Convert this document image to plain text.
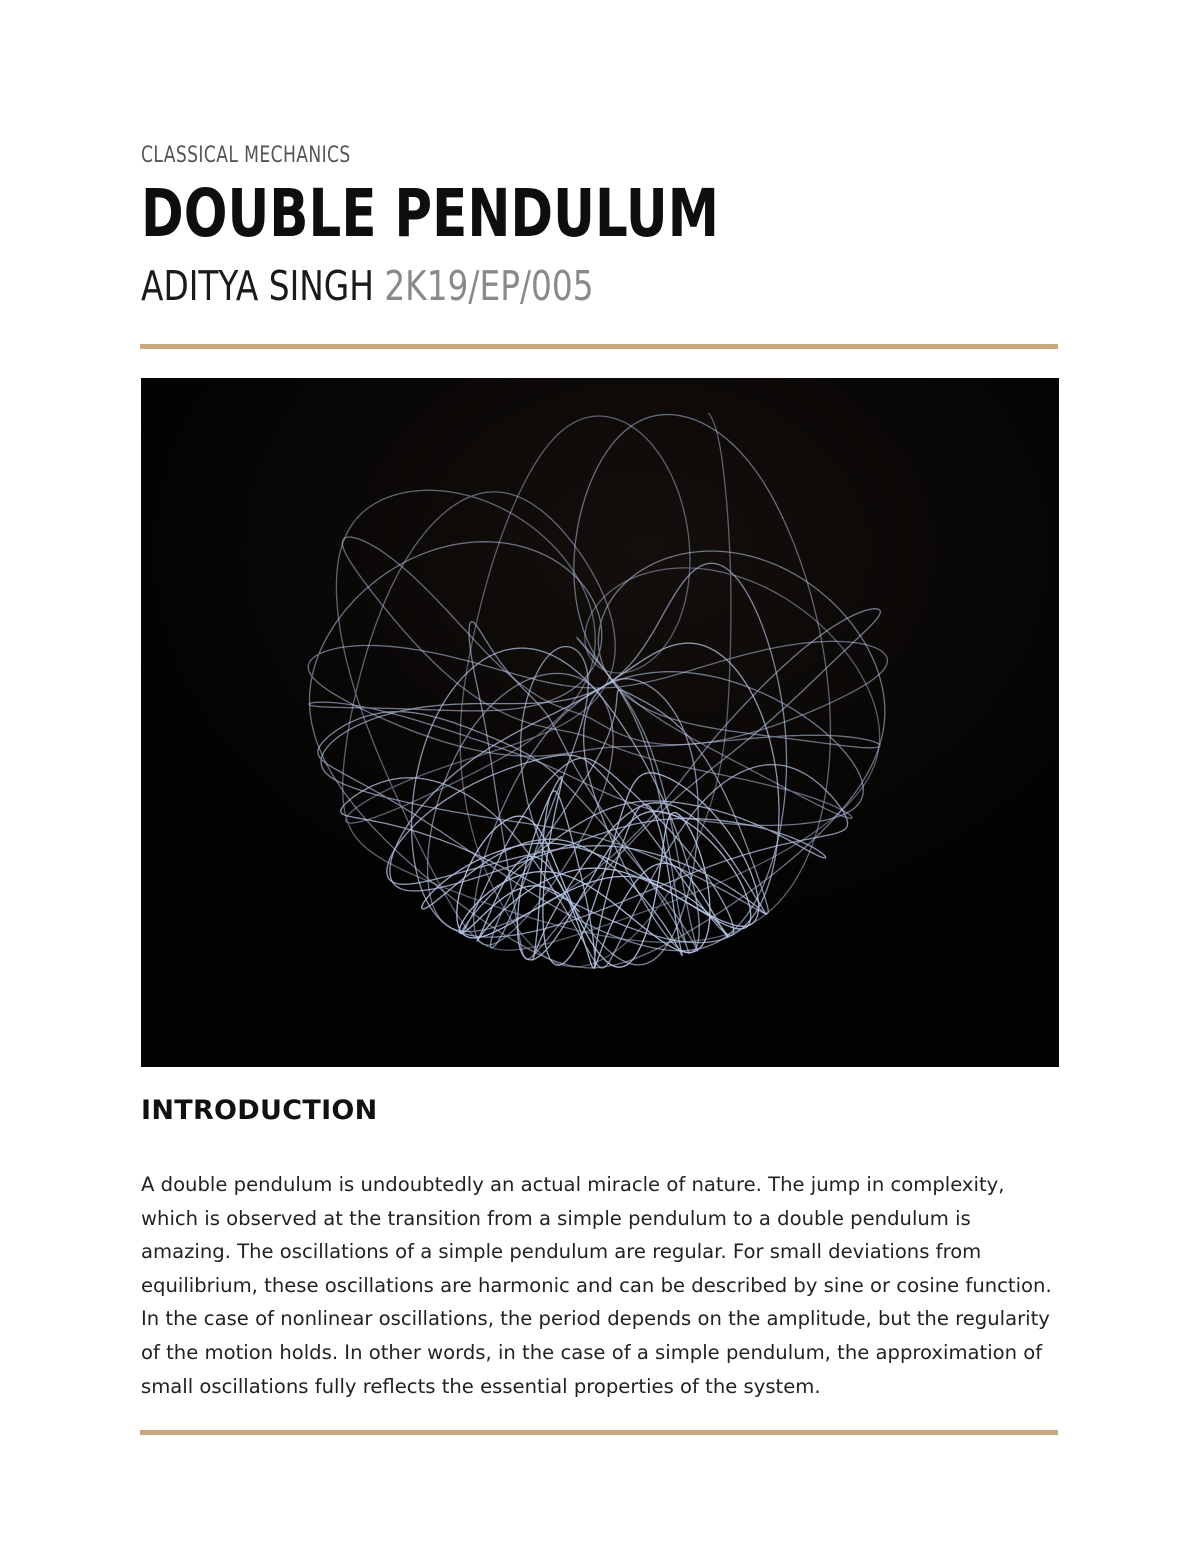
CLASSICAL MECHANICS
DOUBLE PENDULUM
ADITYA SINGH 2K19/EP/005
INTRODUCTION
A double pendulum is undoubtedly an actual miracle of nature. The jump in complexity, which is observed at the transition from a simple pendulum to a double pendulum is amazing. The oscillations of a simple pendulum are regular. For small deviations from equilibrium, these oscillations are harmonic and can be described by sine or cosine function. In the case of nonlinear oscillations, the period depends on the amplitude, but the regularity of the motion holds. In other words, in the case of a simple pendulum, the approximation of small oscillations fully reflects the essential properties of the system.
